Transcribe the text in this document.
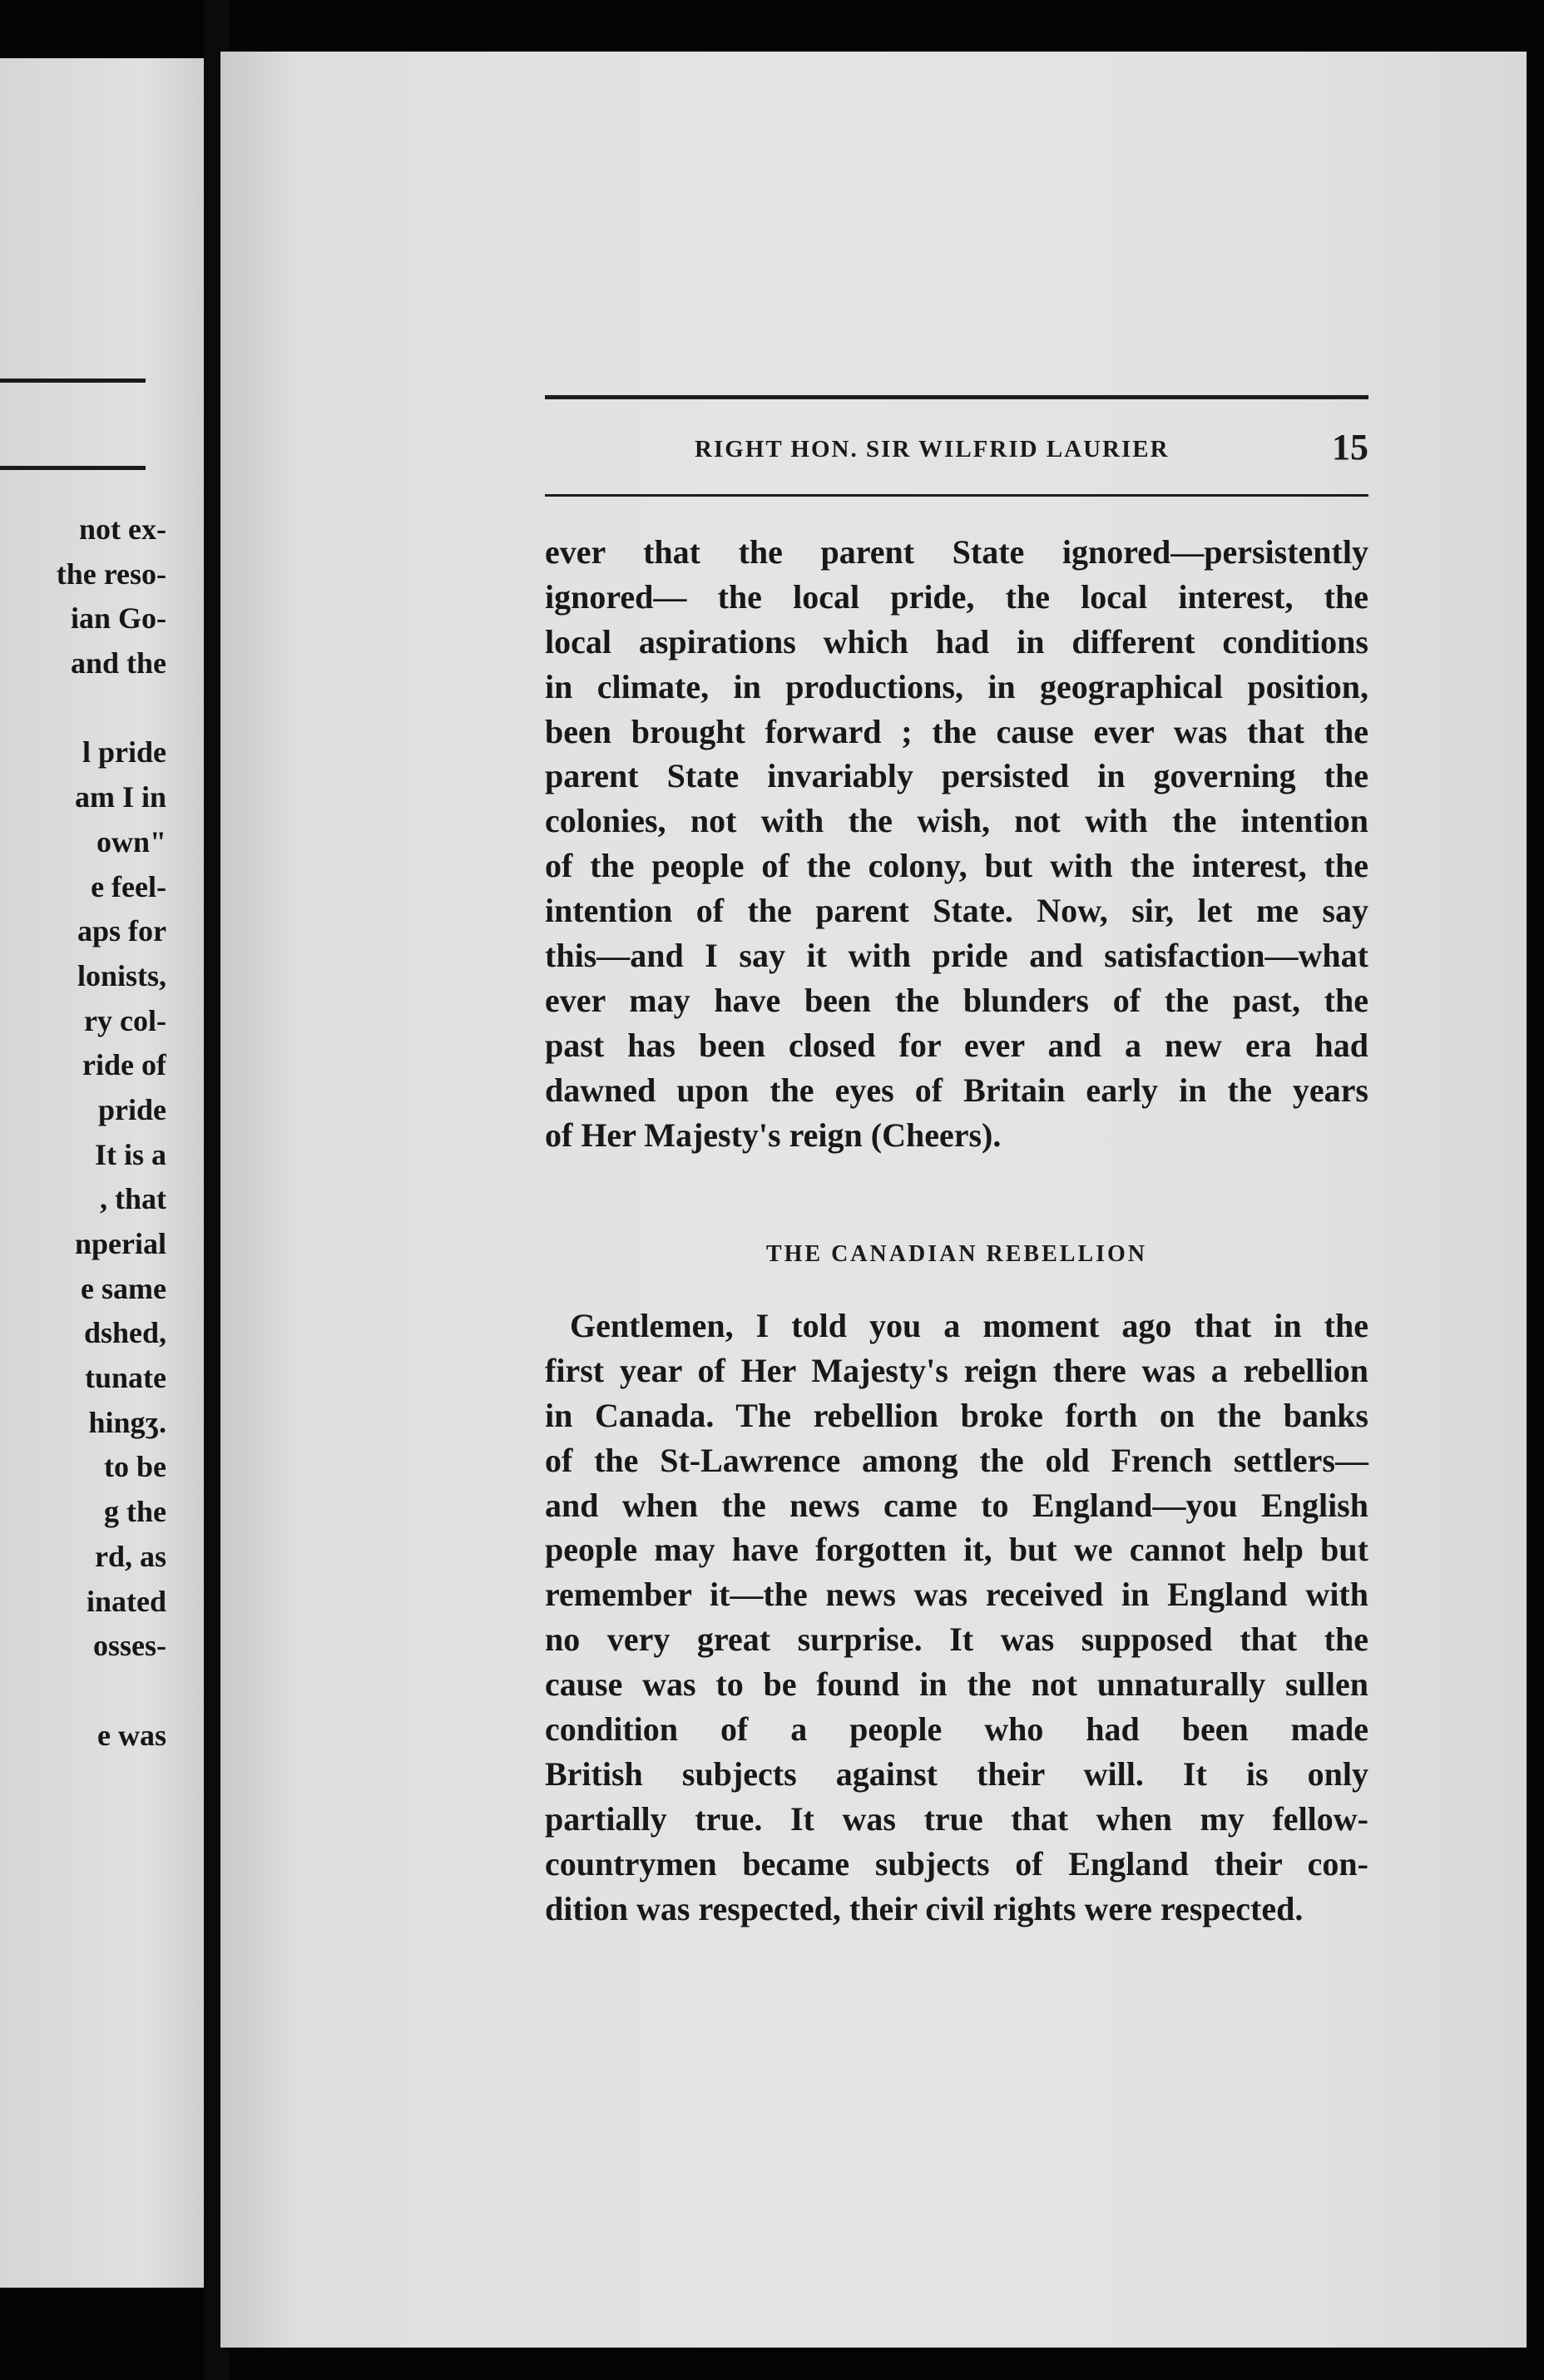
not ex-
the reso-
ian Go-
and the
l pride
am I in
own"
e feel-
aps for
lonists,
ry col-
ride of
pride
It is a
, that
nperial
e same
dshed,
tunate
hingʒ.
to be
g the
rd, as
inated
osses-
e was
RIGHT HON. SIR WILFRID LAURIER	15
ever that the parent State ignored—persistently
ignored— the local pride, the local interest, the
local aspirations which had in different conditions
in climate, in productions, in geographical position,
been brought forward ; the cause ever was that the
parent State invariably persisted in governing the
colonies, not with the wish, not with the intention
of the people of the colony, but with the interest, the
intention of the parent State. Now, sir, let me say
this—and I say it with pride and satisfaction—what
ever may have been the blunders of the past, the
past has been closed for ever and a new era had
dawned upon the eyes of Britain early in the years
of Her Majesty's reign (Cheers).
THE CANADIAN REBELLION
Gentlemen, I told you a moment ago that in the
first year of Her Majesty's reign there was a rebellion
in Canada. The rebellion broke forth on the banks
of the St-Lawrence among the old French settlers—
and when the news came to England—you English
people may have forgotten it, but we cannot help but
remember it—the news was received in England with
no very great surprise. It was supposed that the
cause was to be found in the not unnaturally sullen
condition of a people who had been made
British subjects against their will. It is only
partially true. It was true that when my fellow-
countrymen became subjects of England their con-
dition was respected, their civil rights were respected.
